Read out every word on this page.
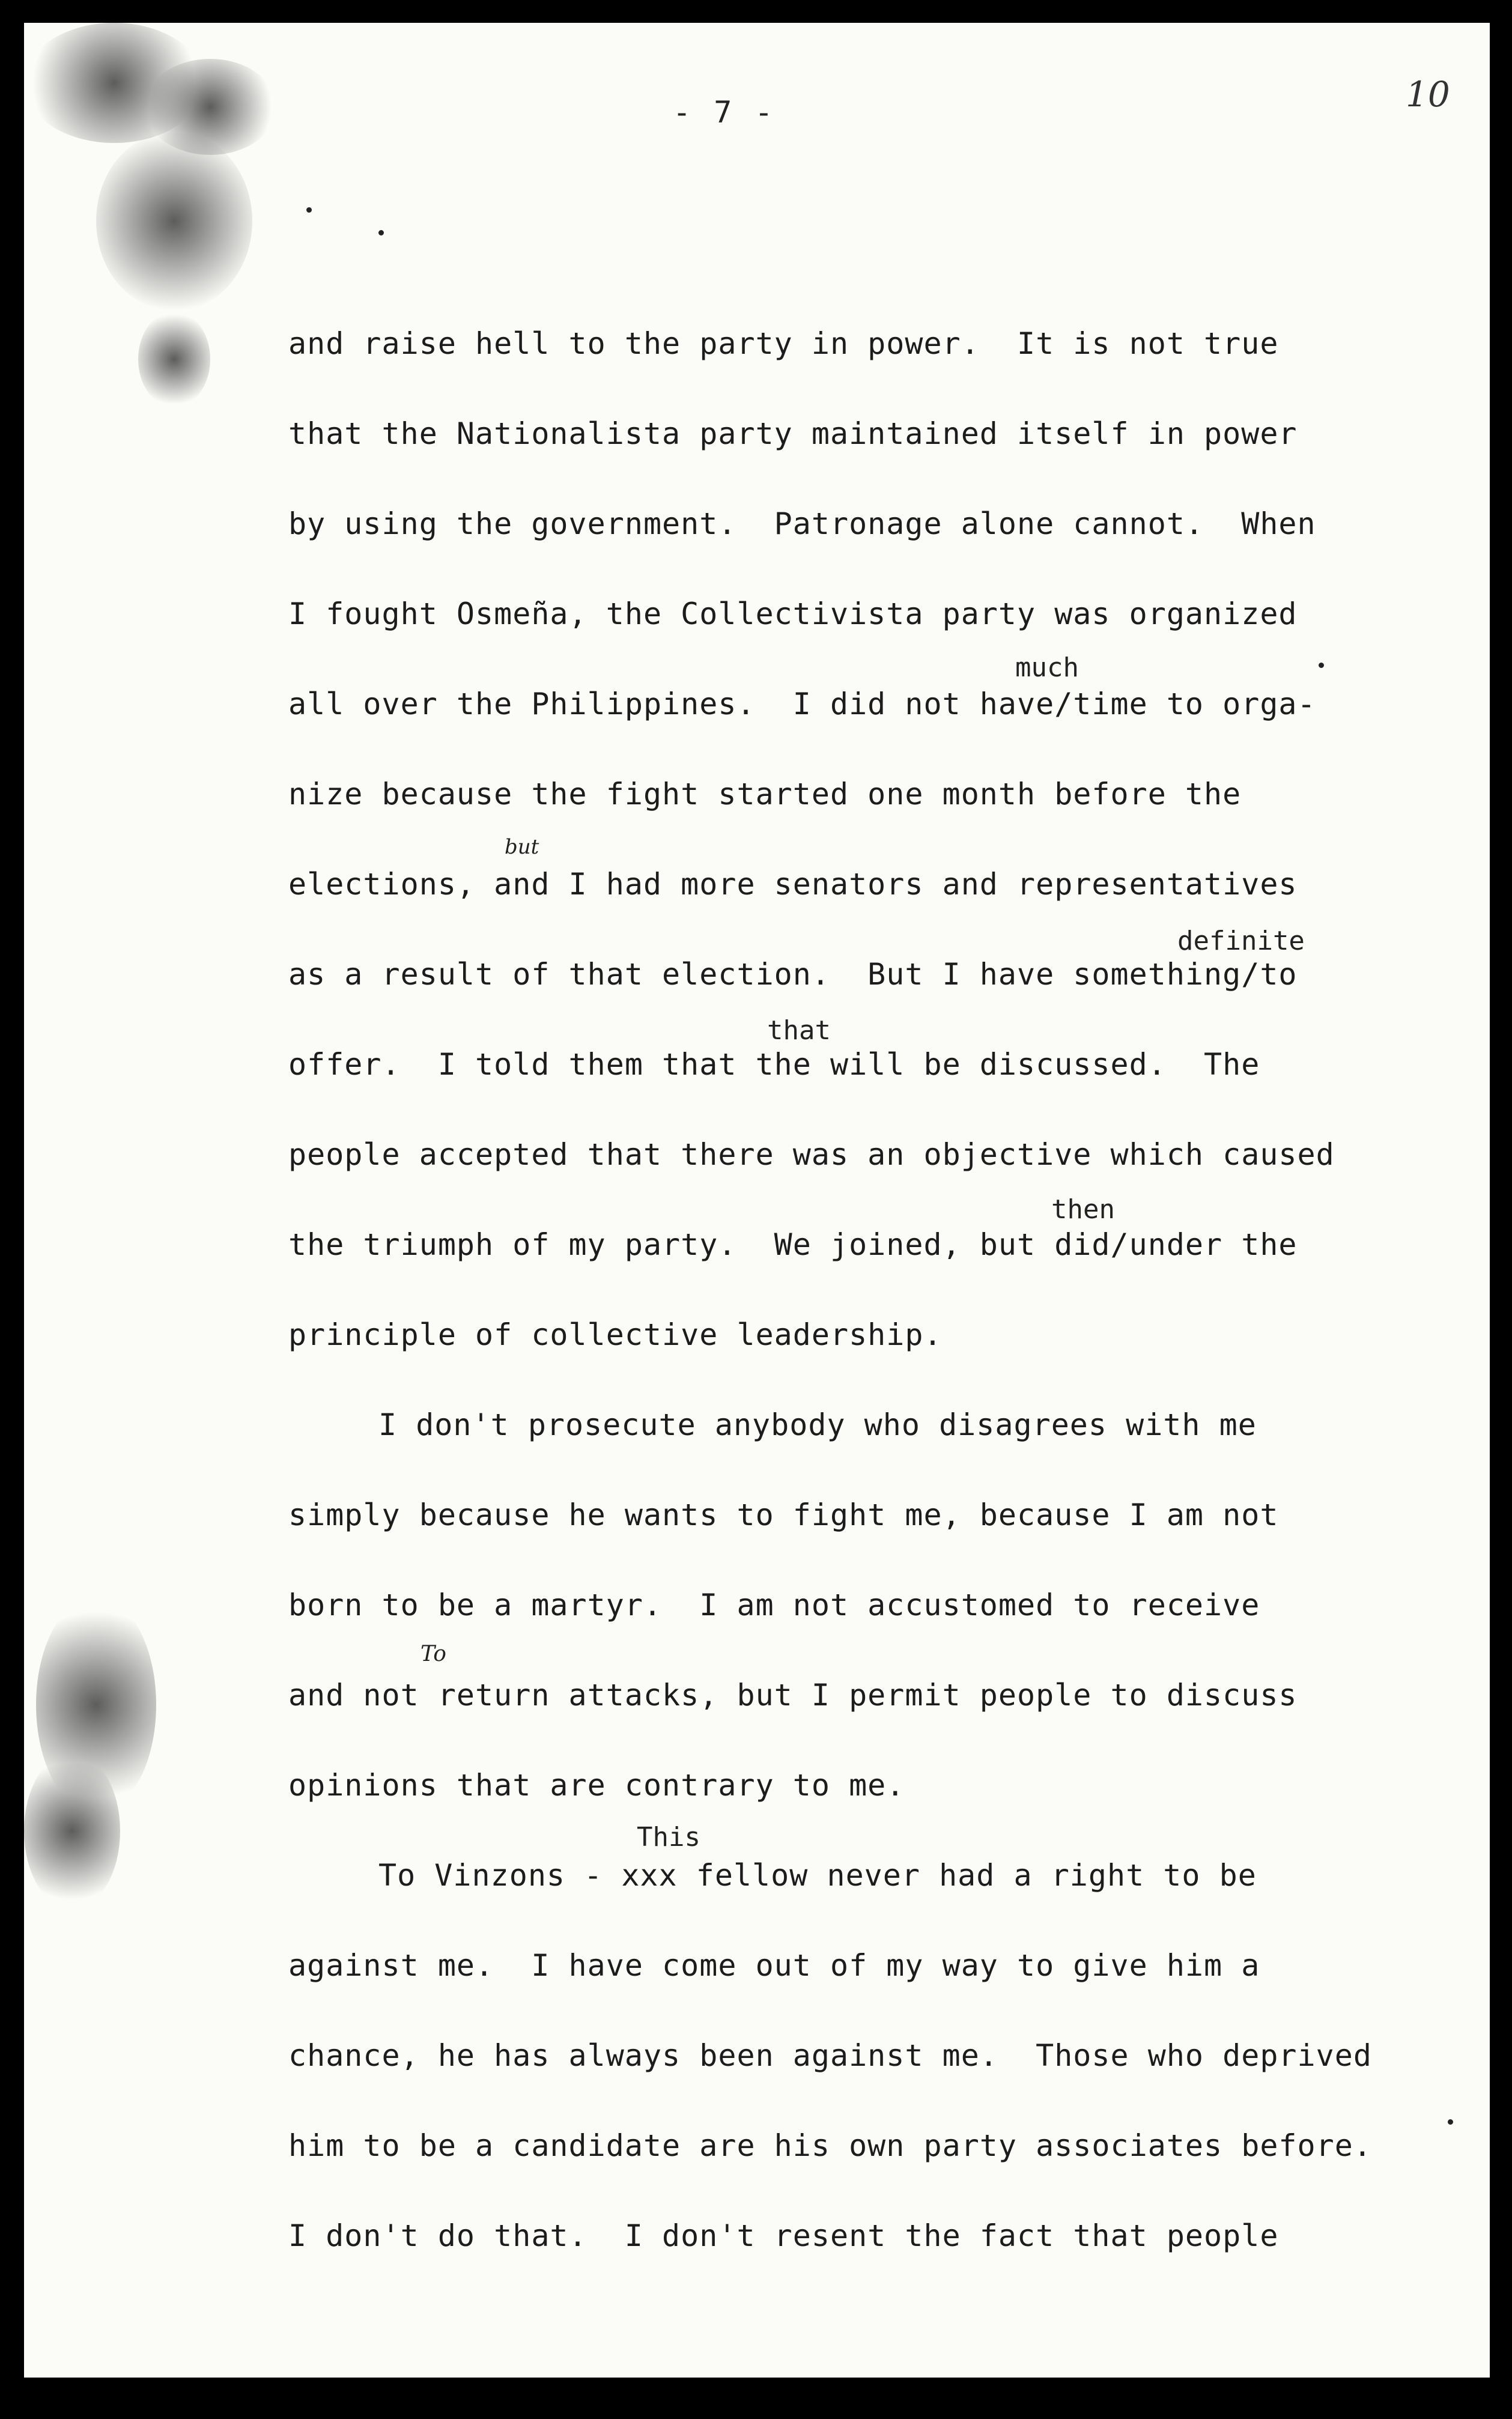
- 7 -	10
much
but
definite
that
then
To
This
and raise hell to the party in power.  It is not true
that the Nationalista party maintained itself in power
by using the government.  Patronage alone cannot.  When
I fought Osmeña, the Collectivista party was organized
all over the Philippines.  I did not have/time to orga-
nize because the fight started one month before the
elections, and I had more senators and representatives
as a result of that election.  But I have something/to
offer.  I told them that the will be discussed.  The
people accepted that there was an objective which caused
the triumph of my party.  We joined, but did/under the
principle of collective leadership.
I don't prosecute anybody who disagrees with me
simply because he wants to fight me, because I am not
born to be a martyr.  I am not accustomed to receive
and not return attacks, but I permit people to discuss
opinions that are contrary to me.
To Vinzons - xxx fellow never had a right to be
against me.  I have come out of my way to give him a
chance, he has always been against me.  Those who deprived
him to be a candidate are his own party associates before.
I don't do that.  I don't resent the fact that people
